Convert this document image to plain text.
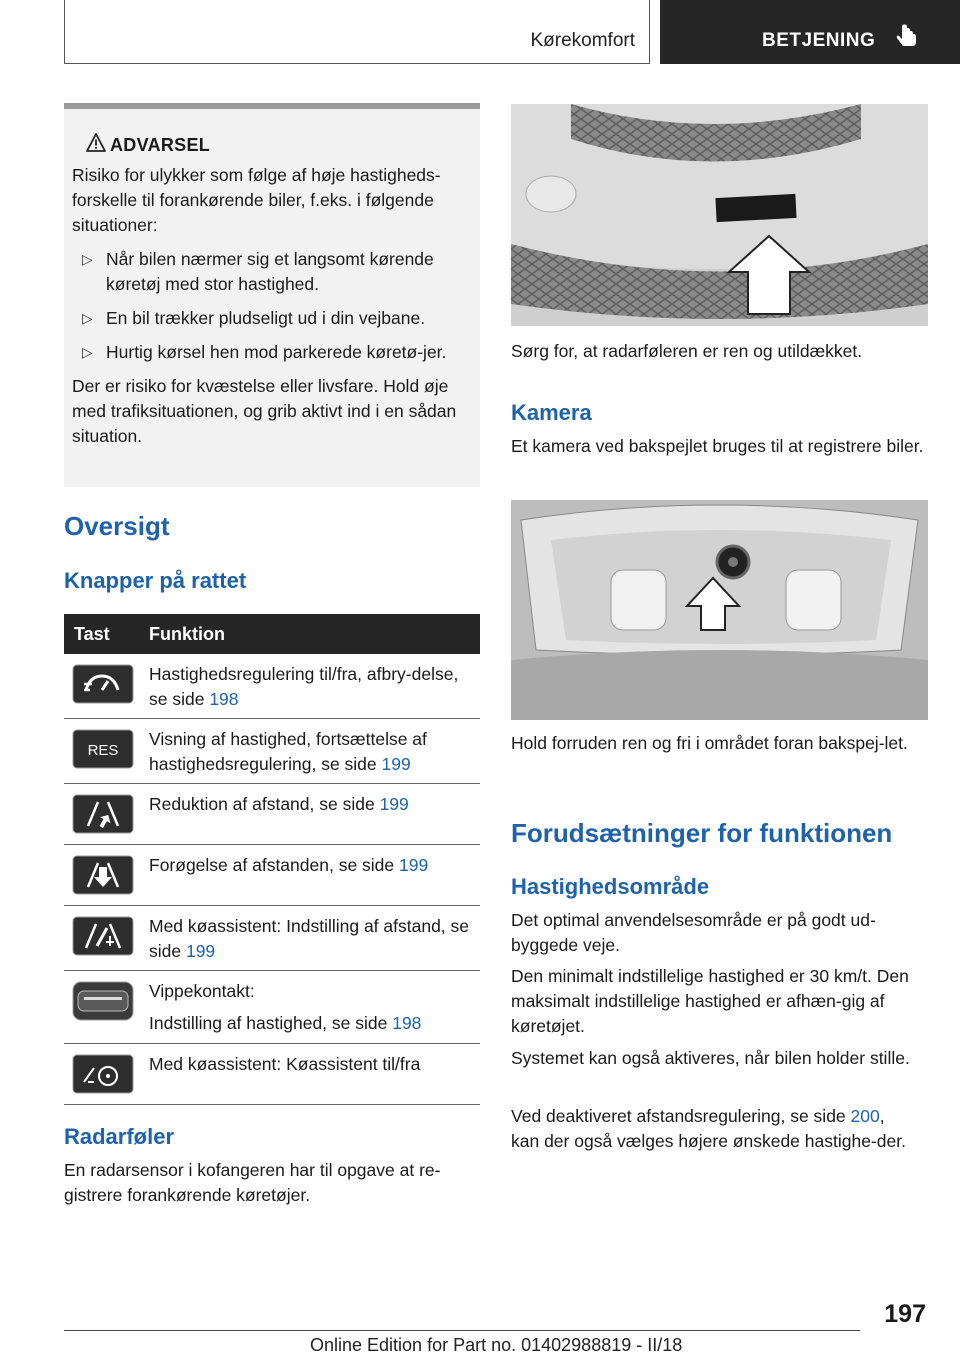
Kørekomfort	BETJENING
ADVARSEL

Risiko for ulykker som følge af høje hastigheds-forskelle til forankørende biler, f.eks. i følgende situationer:

▷ Når bilen nærmer sig et langsomt kørende køretøj med stor hastighed.
▷ En bil trækker pludseligt ud i din vejbane.
▷ Hurtig kørsel hen mod parkerede køretø-jer.

Der er risiko for kvæstelse eller livsfare. Hold øje med trafiksituationen, og grib aktivt ind i en sådan situation.

Oversigt
Knapper på rattet
Tast Funktion

Hastighedsregulering til/fra, afbry-delse, se side 198

RES

Visning af hastighed, fortsættelse af hastighedsregulering, se side 199

Reduktion af afstand, se side 199

Forøgelse af afstanden, se side 199

Med køassistent: Indstilling af afstand, se side 199

Vippekontakt:

Indstilling af hastighed, se side 198

Med køassistent: Køassistent til/fra

Radarføler

En radarsensor i kofangeren har til opgave at re-gistrere forankørende køretøjer.

Sørg for, at radarføleren er ren og utildækket.

Kamera

Et kamera ved bakspejlet bruges til at registrere biler.

Hold forruden ren og fri i området foran bakspej-let.

Forudsætninger for funktionen
Hastighedsområde

Det optimal anvendelsesområde er på godt ud-byggede veje.

Den minimalt indstillelige hastighed er 30 km/t. Den maksimalt indstillelige hastighed er afhæn-gig af køretøjet.

Systemet kan også aktiveres, når bilen holder stille.

Ved deaktiveret afstandsregulering, se side 200,
kan der også vælges højere ønskede hastighe-der.

197
Online Edition for Part no. 01402988819 - II/18
